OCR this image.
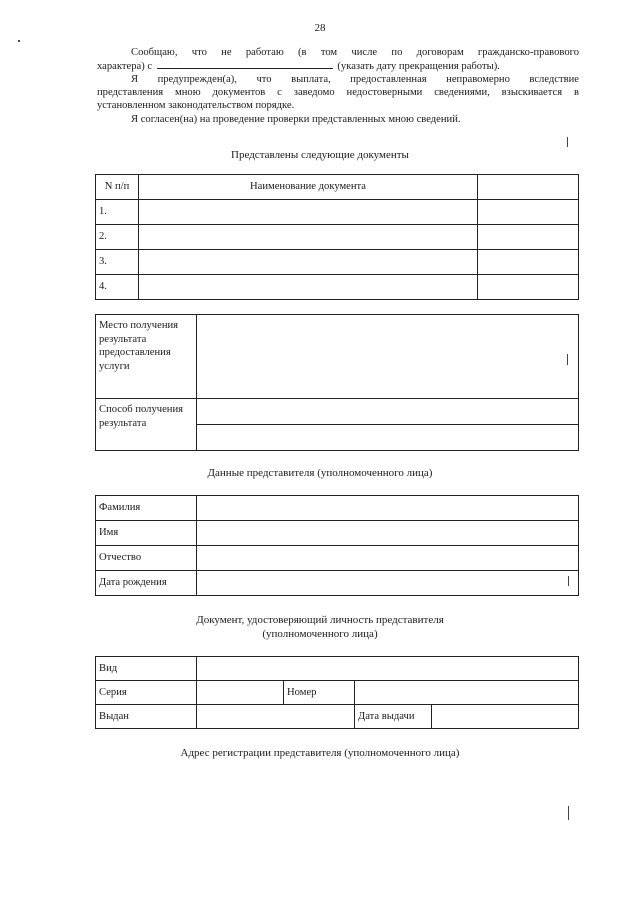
28
Сообщаю, что не работаю (в том числе по договорам гражданско-правового
характера) с	(указать дату прекращения работы).
Я предупрежден(а), что выплата, предоставленная неправомерно вследствие
представления мною документов с заведомо недостоверными сведениями, взыскивается в
установленном законодательством порядке.
Я согласен(на) на проведение проверки представленных мною сведений.
Представлены следующие документы
N п/п	Наименование документа	
1.		
2.		
3.		
4.		
Место получения результата предоставления услуги	
Способ получения результата	

Данные представителя (уполномоченного лица)
Фамилия	
Имя	
Отчество	
Дата рождения	
Документ, удостоверяющий личность представителя
(уполномоченного лица)
Вид				
Серия		Номер		
Выдан			Дата выдачи	
Адрес регистрации представителя (уполномоченного лица)
